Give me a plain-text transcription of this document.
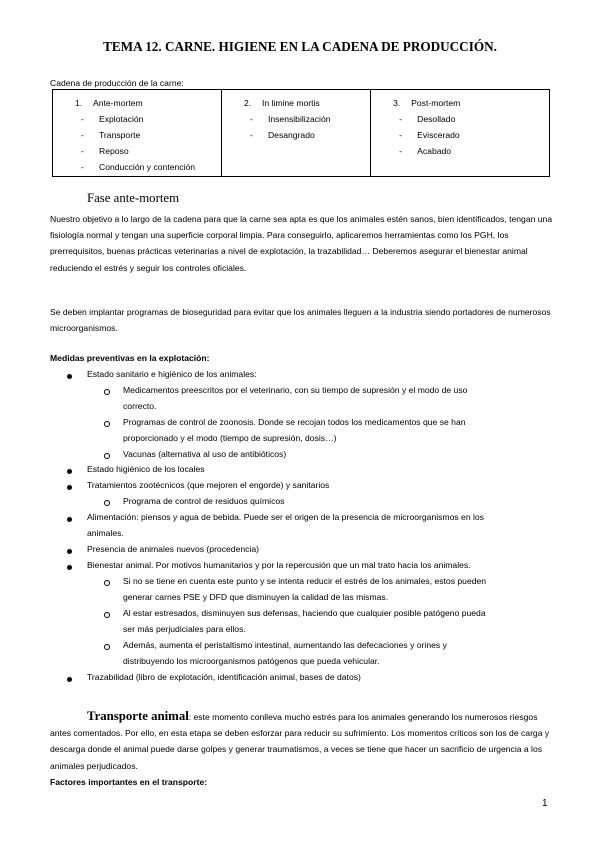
TEMA 12. CARNE. HIGIENE EN LA CADENA DE PRODUCCIÓN.
Cadena de producción de la carne:
1. Ante-mortem
- Explotación
- Transporte
- Reposo
- Conducción y contención

2. In limine mortis
- Insensibilización
- Desangrado

3. Post-mortem
- Desollado
- Eviscerado
- Acabado
Fase ante-mortem

Nuestro objetivo a lo largo de la cadena para que la carne sea apta es que los animales estén sanos, bien identificados, tengan una fisiología normal y tengan una superficie corporal limpia. Para conseguirlo, aplicaremos herramientas como los PGH, los prerrequisitos, buenas prácticas veterinarias a nivel de explotación, la trazabilidad… Deberemos asegurar el bienestar animal reduciendo el estrés y seguir los controles oficiales.

Se deben implantar programas de bioseguridad para evitar que los animales lleguen a la industria siendo portadores de numerosos microorganismos.

Medidas preventivas en la explotación:
Estado sanitario e higiénico de los animales:
Medicamentos preescritos por el veterinario, con su tiempo de supresión y el modo de uso
correcto.
Programas de control de zoonosis. Donde se recojan todos los medicamentos que se han
proporcionado y el modo (tiempo de supresión, dosis…)
Vacunas (alternativa al uso de antibióticos)
Estado higiénico de los locales
Tratamientos zootécnicos (que mejoren el engorde) y sanitarios
Programa de control de residuos químicos
Alimentación: piensos y agua de bebida. Puede ser el origen de la presencia de microorganismos en los
animales.
Presencia de animales nuevos (procedencia)
Bienestar animal. Por motivos humanitarios y por la repercusión que un mal trato hacia los animales.
Si no se tiene en cuenta este punto y se intenta reducir el estrés de los animales, estos pueden
generar carnes PSE y DFD que disminuyen la calidad de las mismas.
Al estar estresados, disminuyen sus defensas, haciendo que cualquier posible patógeno pueda
ser más perjudiciales para ellos.
Además, aumenta el peristaltismo intestinal, aumentando las defecaciones y orines y
distribuyendo los microorganismos patógenos que pueda vehicular.
Trazabilidad (libro de explotación, identificación animal, bases de datos)
Transporte animal: este momento conlleva mucho estrés para los animales generando los numerosos riesgos antes comentados. Por ello, en esta etapa se deben esforzar para reducir su sufrimiento. Los momentos críticos son los de carga y descarga donde el animal puede darse golpes y generar traumatismos, a veces se tiene que hacer un sacrificio de urgencia a los animales perjudicados.
Factores importantes en el transporte:
1
